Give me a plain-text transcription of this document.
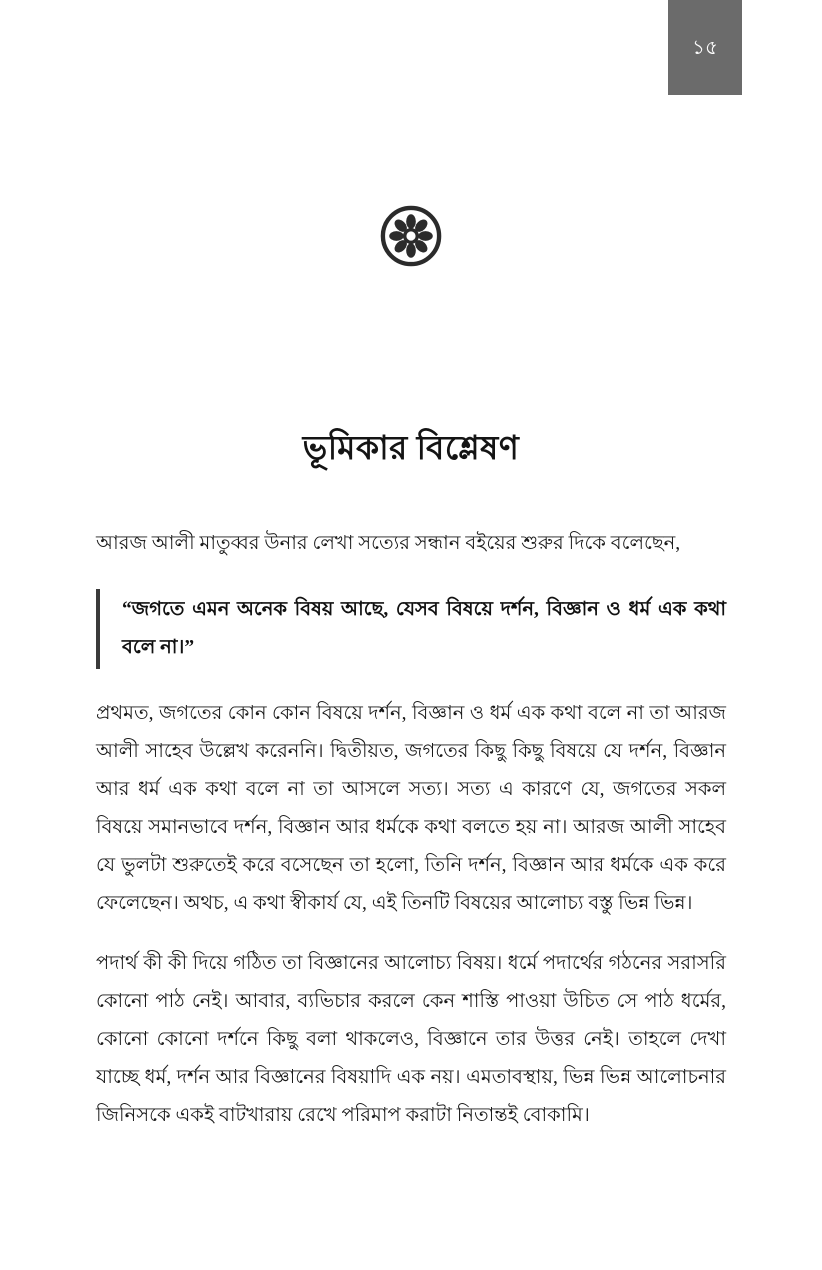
১৫
ভূমিকার বিশ্লেষণ

আরজ আলী মাতুব্বর উনার লেখা সত্যের সন্ধান বইয়ের শুরুর দিকে বলেছেন,

“জগতে এমন অনেক বিষয় আছে, যেসব বিষয়ে দর্শন, বিজ্ঞান ও ধর্ম এক কথা বলে না।”

প্রথমত, জগতের কোন কোন বিষয়ে দর্শন, বিজ্ঞান ও ধর্ম এক কথা বলে না তা আরজ আলী সাহেব উল্লেখ করেননি। দ্বিতীয়ত, জগতের কিছু কিছু বিষয়ে যে দর্শন, বিজ্ঞান আর ধর্ম এক কথা বলে না তা আসলে সত্য। সত্য এ কারণে যে, জগতের সকল বিষয়ে সমানভাবে দর্শন, বিজ্ঞান আর ধর্মকে কথা বলতে হয় না। আরজ আলী সাহেব যে ভুলটা শুরুতেই করে বসেছেন তা হলো, তিনি দর্শন, বিজ্ঞান আর ধর্মকে এক করে ফেলেছেন। অথচ, এ কথা স্বীকার্য যে, এই তিনটি বিষয়ের আলোচ্য বস্তু ভিন্ন ভিন্ন।

পদার্থ কী কী দিয়ে গঠিত তা বিজ্ঞানের আলোচ্য বিষয়। ধর্মে পদার্থের গঠনের সরাসরি কোনো পাঠ নেই। আবার, ব্যভিচার করলে কেন শাস্তি পাওয়া উচিত সে পাঠ ধর্মের, কোনো কোনো দর্শনে কিছু বলা থাকলেও, বিজ্ঞানে তার উত্তর নেই। তাহলে দেখা যাচ্ছে ধর্ম, দর্শন আর বিজ্ঞানের বিষয়াদি এক নয়। এমতাবস্থায়, ভিন্ন ভিন্ন আলোচনার জিনিসকে একই বাটখারায় রেখে পরিমাপ করাটা নিতান্তই বোকামি।
